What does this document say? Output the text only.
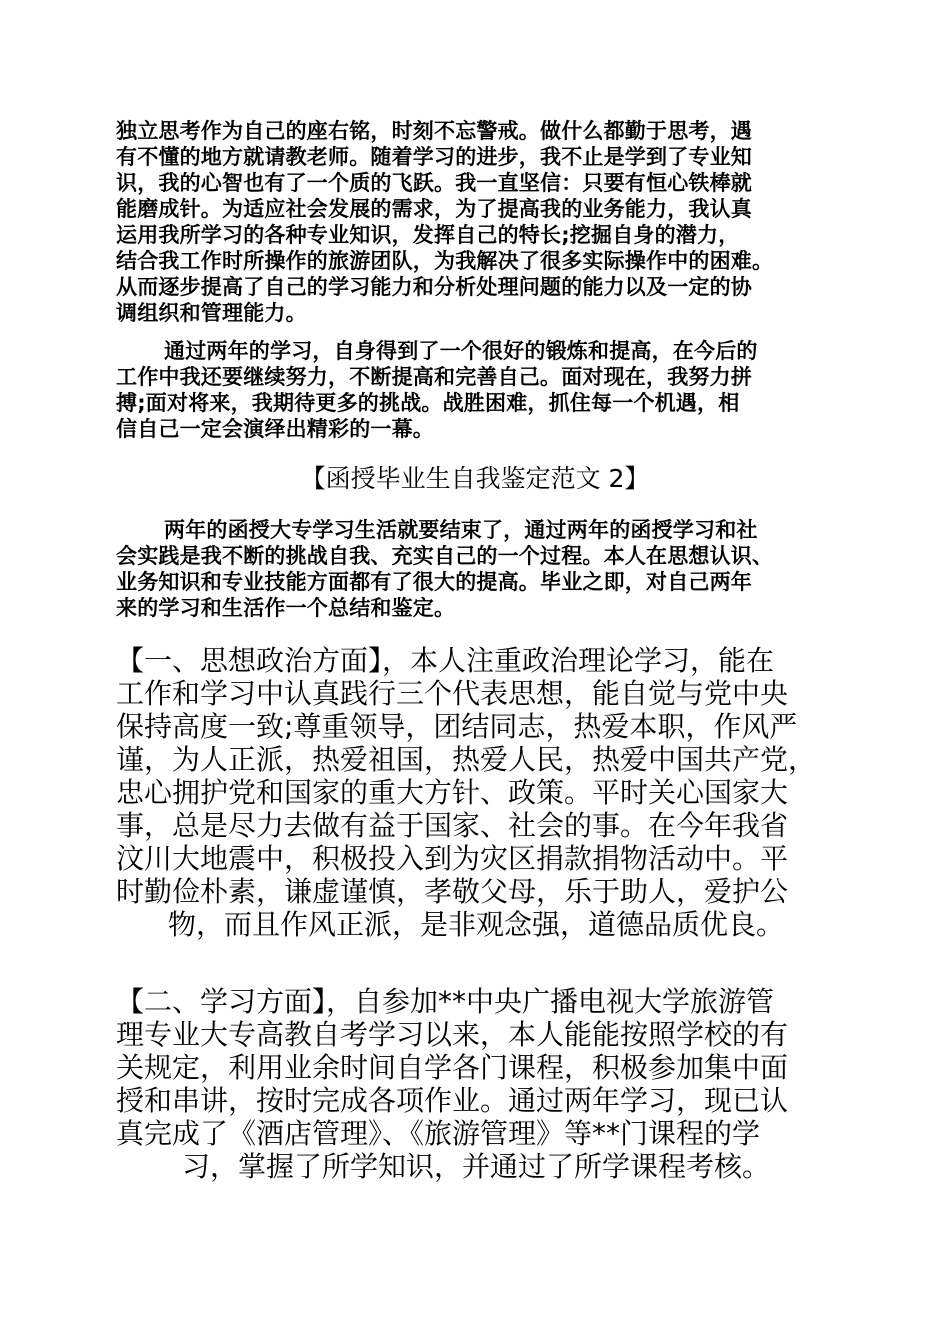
独立思考作为自己的座右铭，时刻不忘警戒。做什么都勤于思考，遇
有不懂的地方就请教老师。随着学习的进步，我不止是学到了专业知
识，我的心智也有了一个质的飞跃。我一直坚信：只要有恒心铁棒就
能磨成针。为适应社会发展的需求，为了提高我的业务能力，我认真
运用我所学习的各种专业知识，发挥自己的特长;挖掘自身的潜力，
结合我工作时所操作的旅游团队，为我解决了很多实际操作中的困难。
从而逐步提高了自己的学习能力和分析处理问题的能力以及一定的协
调组织和管理能力。

通过两年的学习，自身得到了一个很好的锻炼和提高，在今后的
工作中我还要继续努力，不断提高和完善自己。面对现在，我努力拼
搏;面对将来，我期待更多的挑战。战胜困难，抓住每一个机遇，相
信自己一定会演绎出精彩的一幕。

【函授毕业生自我鉴定范文 2】

两年的函授大专学习生活就要结束了，通过两年的函授学习和社
会实践是我不断的挑战自我、充实自己的一个过程。本人在思想认识、
业务知识和专业技能方面都有了很大的提高。毕业之即，对自己两年
来的学习和生活作一个总结和鉴定。

【一、思想政治方面】，本人注重政治理论学习，能在
工作和学习中认真践行三个代表思想，能自觉与党中央
保持高度一致;尊重领导，团结同志，热爱本职，作风严
谨，为人正派，热爱祖国，热爱人民，热爱中国共产党，
忠心拥护党和国家的重大方针、政策。平时关心国家大
事，总是尽力去做有益于国家、社会的事。在今年我省
汶川大地震中，积极投入到为灾区捐款捐物活动中。平
时勤俭朴素，谦虚谨慎，孝敬父母，乐于助人，爱护公
物，而且作风正派，是非观念强，道德品质优良。

【二、学习方面】，自参加**中央广播电视大学旅游管
理专业大专高教自考学习以来，本人能能按照学校的有
关规定，利用业余时间自学各门课程，积极参加集中面
授和串讲，按时完成各项作业。通过两年学习，现已认
真完成了《酒店管理》、《旅游管理》等**门课程的学
习，掌握了所学知识，并通过了所学课程考核。
